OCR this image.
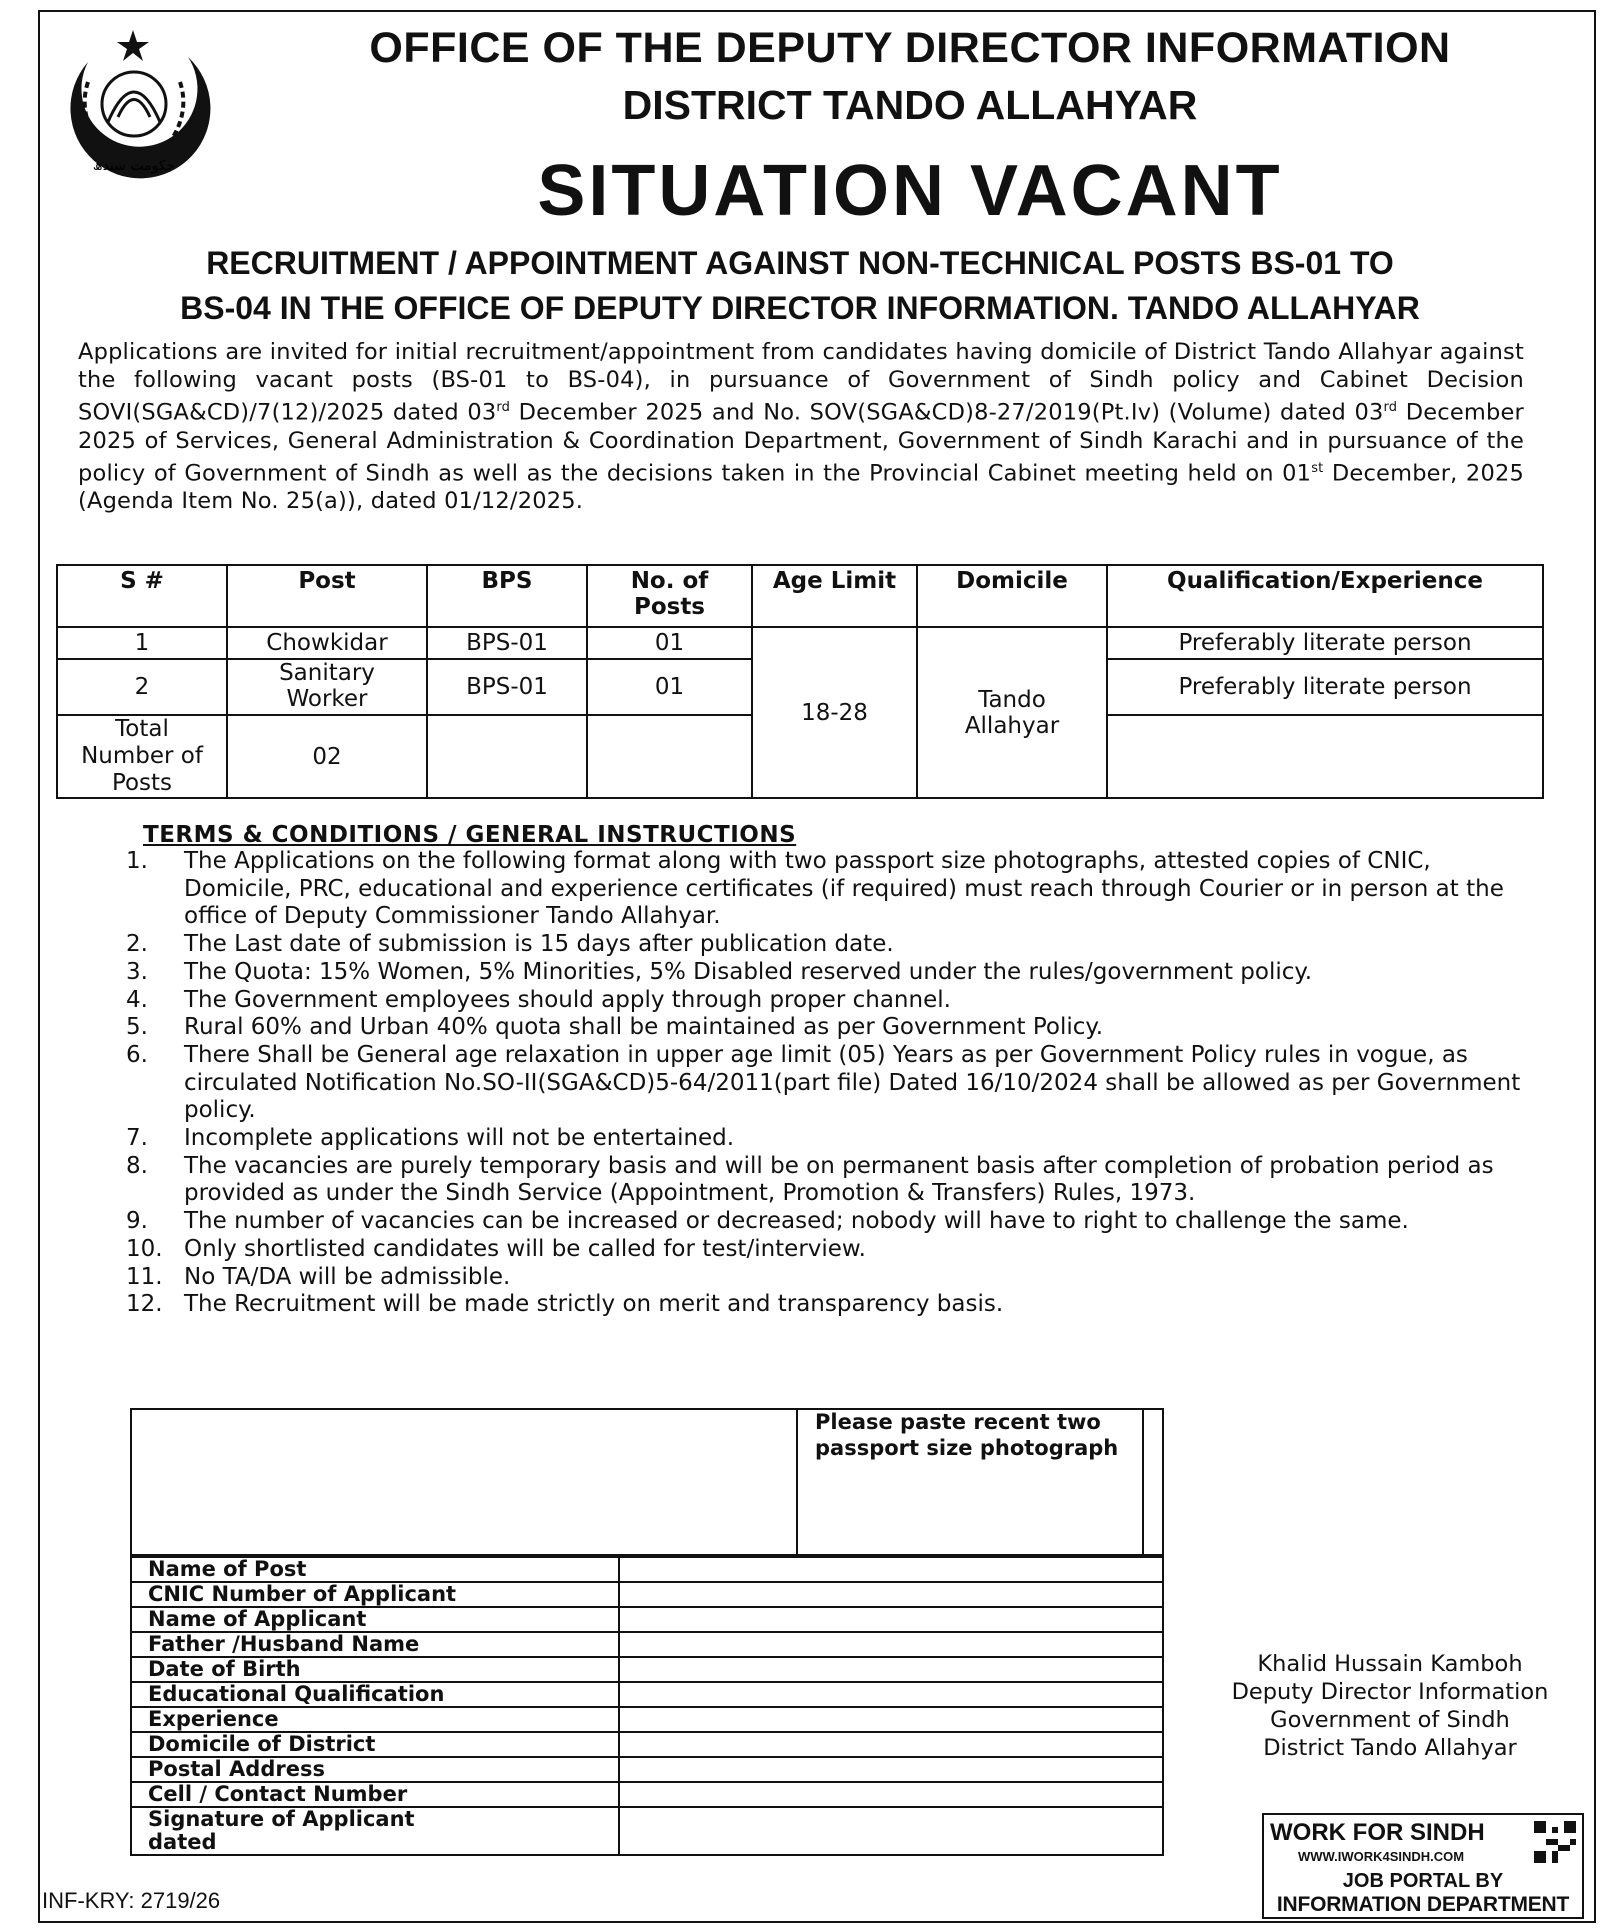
حکومت سندھ
OFFICE OF THE DEPUTY DIRECTOR INFORMATION
DISTRICT TANDO ALLAHYAR
SITUATION VACANT
RECRUITMENT / APPOINTMENT AGAINST NON-TECHNICAL POSTS BS-01 TO
BS-04 IN THE OFFICE OF DEPUTY DIRECTOR INFORMATION. TANDO ALLAHYAR
Applications are invited for initial recruitment/appointment from candidates having domicile of District Tando Allahyar against the following vacant posts (BS-01 to BS-04), in pursuance of Government of Sindh policy and Cabinet Decision SOVI(SGA&CD)/7(12)/2025 dated 03rd December 2025 and No. SOV(SGA&CD)8-27/2019(Pt.Iv) (Volume) dated 03rd December 2025 of Services, General Administration & Coordination Department, Government of Sindh Karachi and in pursuance of the policy of Government of Sindh as well as the decisions taken in the Provincial Cabinet meeting held on 01st December, 2025 (Agenda Item No. 25(a)), dated 01/12/2025.
S #	Post	BPS	No. of Posts	Age Limit	Domicile	Qualification/Experience
1	Chowkidar	BPS-01	01	18-28	Tando Allahyar	Preferably literate person
2	Sanitary Worker	BPS-01	01			Preferably literate person
Total Number of Posts	02					
TERMS & CONDITIONS / GENERAL INSTRUCTIONS
1.	The Applications on the following format along with two passport size photographs, attested copies of CNIC, Domicile, PRC, educational and experience certificates (if required) must reach through Courier or in person at the office of Deputy Commissioner Tando Allahyar.
2.	The Last date of submission is 15 days after publication date.
3.	The Quota: 15% Women, 5% Minorities, 5% Disabled reserved under the rules/government policy.
4.	The Government employees should apply through proper channel.
5.	Rural 60% and Urban 40% quota shall be maintained as per Government Policy.
6.	There Shall be General age relaxation in upper age limit (05) Years as per Government Policy rules in vogue, as circulated Notification No.SO-II(SGA&CD)5-64/2011(part file) Dated 16/10/2024 shall be allowed as per Government policy.
7.	Incomplete applications will not be entertained.
8.	The vacancies are purely temporary basis and will be on permanent basis after completion of probation period as provided as under the Sindh Service (Appointment, Promotion & Transfers) Rules, 1973.
9.	The number of vacancies can be increased or decreased; nobody will have to right to challenge the same.
10. Only shortlisted candidates will be called for test/interview.
11. No TA/DA will be admissible.
12. The Recruitment will be made strictly on merit and transparency basis.
Please paste recent two passport size photograph
Name of Post	
CNIC Number of Applicant	
Name of Applicant	
Father /Husband Name	
Date of Birth	
Educational Qualification	
Experience	
Domicile of District	
Postal Address	
Cell / Contact Number	

Signature of Applicant
dated	

Khalid Hussain Kamboh
Deputy Director Information
Government of Sindh
District Tando Allahyar
WORK FOR SINDH
WWW.IWORK4SINDH.COM
JOB PORTAL BY
INFORMATION DEPARTMENT
INF-KRY: 2719/26
